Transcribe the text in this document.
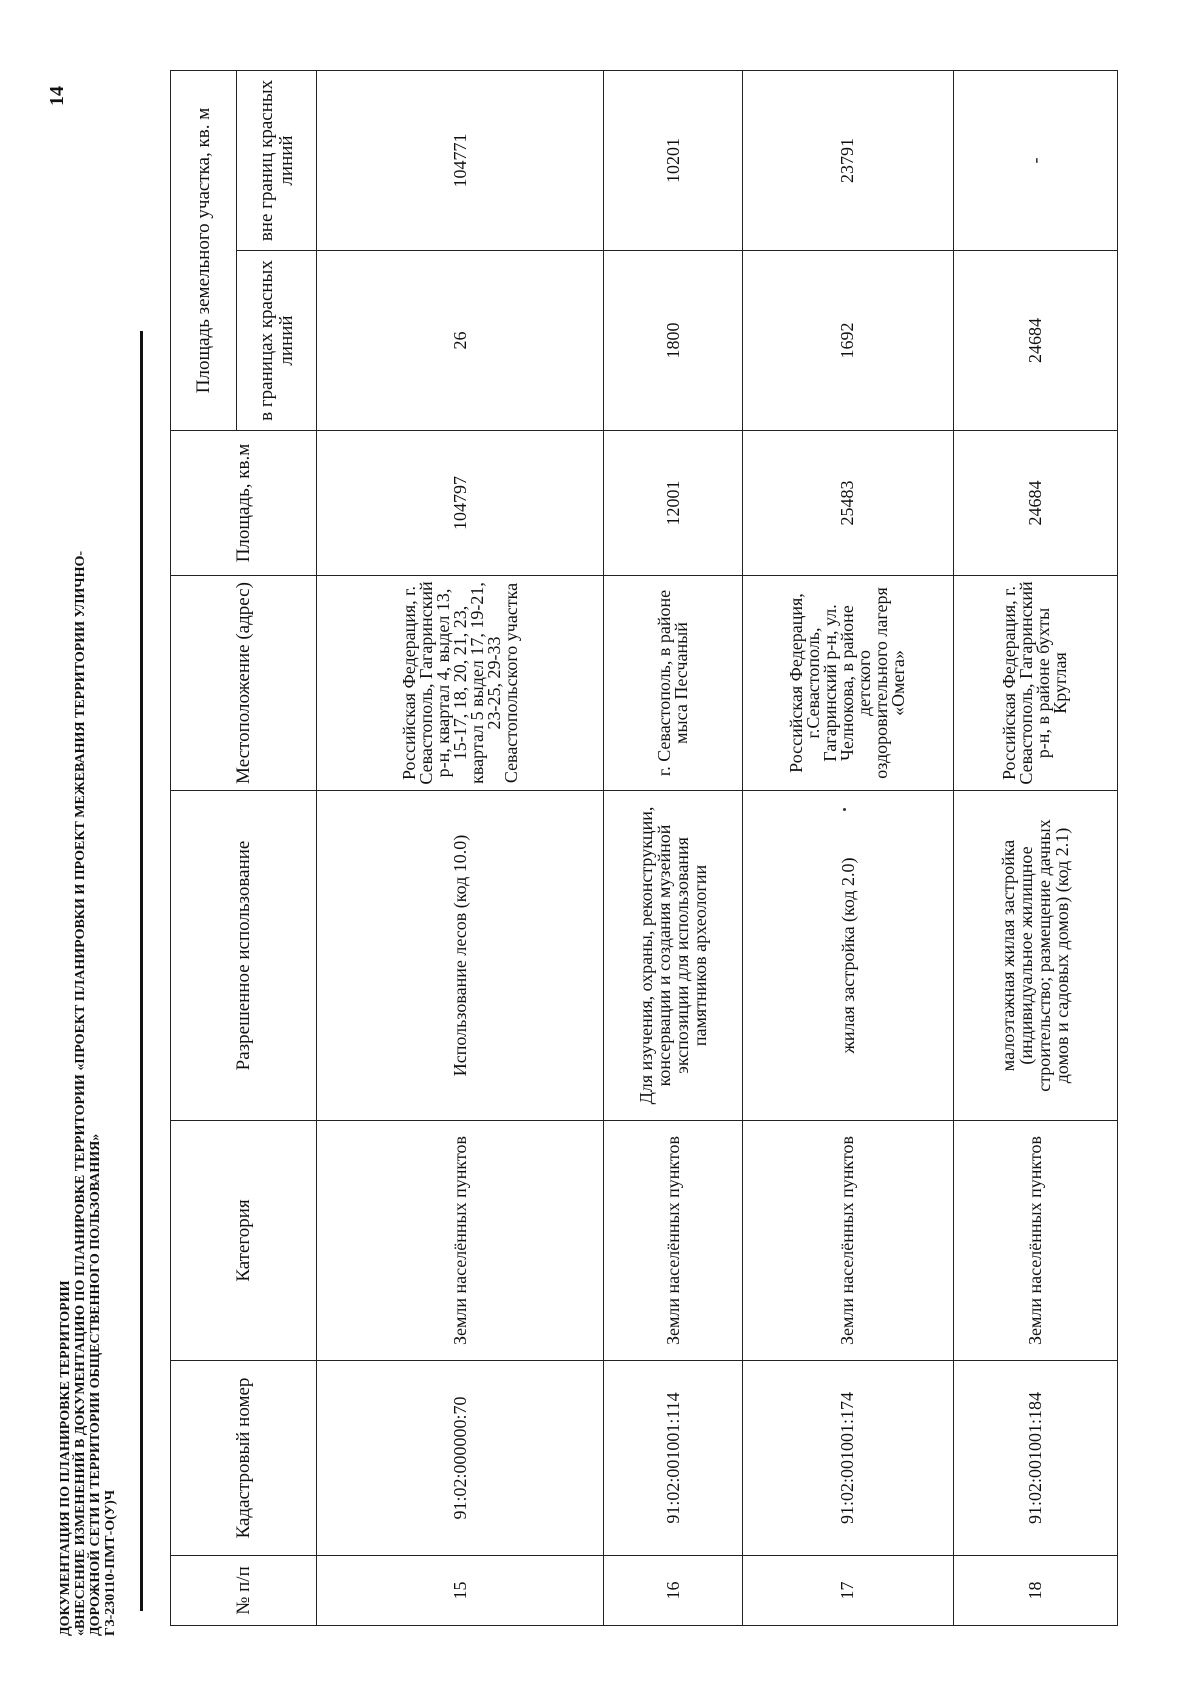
ДОКУМЕНТАЦИЯ ПО ПЛАНИРОВКЕ ТЕРРИТОРИИ «ВНЕСЕНИЕ ИЗМЕНЕНИЙ В ДОКУМЕНТАЦИЮ ПО ПЛАНИРОВКЕ ТЕРРИТОРИИ «ПРОЕКТ ПЛАНИРОВКИ И ПРОЕКТ МЕЖЕВАНИЯ ТЕРРИТОРИИ УЛИЧНО- ДОРОЖНОЙ СЕТИ И ТЕРРИТОРИИ ОБЩЕСТВЕННОГО ПОЛЬЗОВАНИЯ» ГЗ-230110-ПМТ-О(У)Ч
14
№ п/п	Кадастровый номер	Категория	Разрешенное использование	Местоположение (адрес)	Площадь, кв.м	Площадь земельного участка, кв. м	
						в границах красных линий	вне границ красных линий
15	91:02:000000:70	Земли населённых пунктов	Использование лесов (код 10.0)	Российская Федерация, г. Севастополь, Гагаринский р-н, квартал 4, выдел 13, 15-17, 18, 20, 21, 23, квартал 5 выдел 17, 19-21, 23-25, 29-33 Севастопольского участка	104797	26	104771
16	91:02:001001:114	Земли населённых пунктов	Для изучения, охраны, реконструкции, консервации и создания музейной экспозиции для использования памятников археологии	г. Севастополь, в районе мыса Песчаный	12001	1800	10201
17	91:02:001001:174	Земли населённых пунктов	жилая застройка (код 2.0)	Российская Федерация, г.Севастополь, Гагаринский р-н, ул. Челнокова, в районе детского оздоровительного лагеря «Омега»	25483	1692	23791
18	91:02:001001:184	Земли населённых пунктов	малоэтажная жилая застройка (индивидуальное жилищное строительство; размещение дачных домов и садовых домов) (код 2.1)	Российская Федерация, г. Севастополь, Гагаринский р-н, в районе бухты Круглая	24684	24684	-
